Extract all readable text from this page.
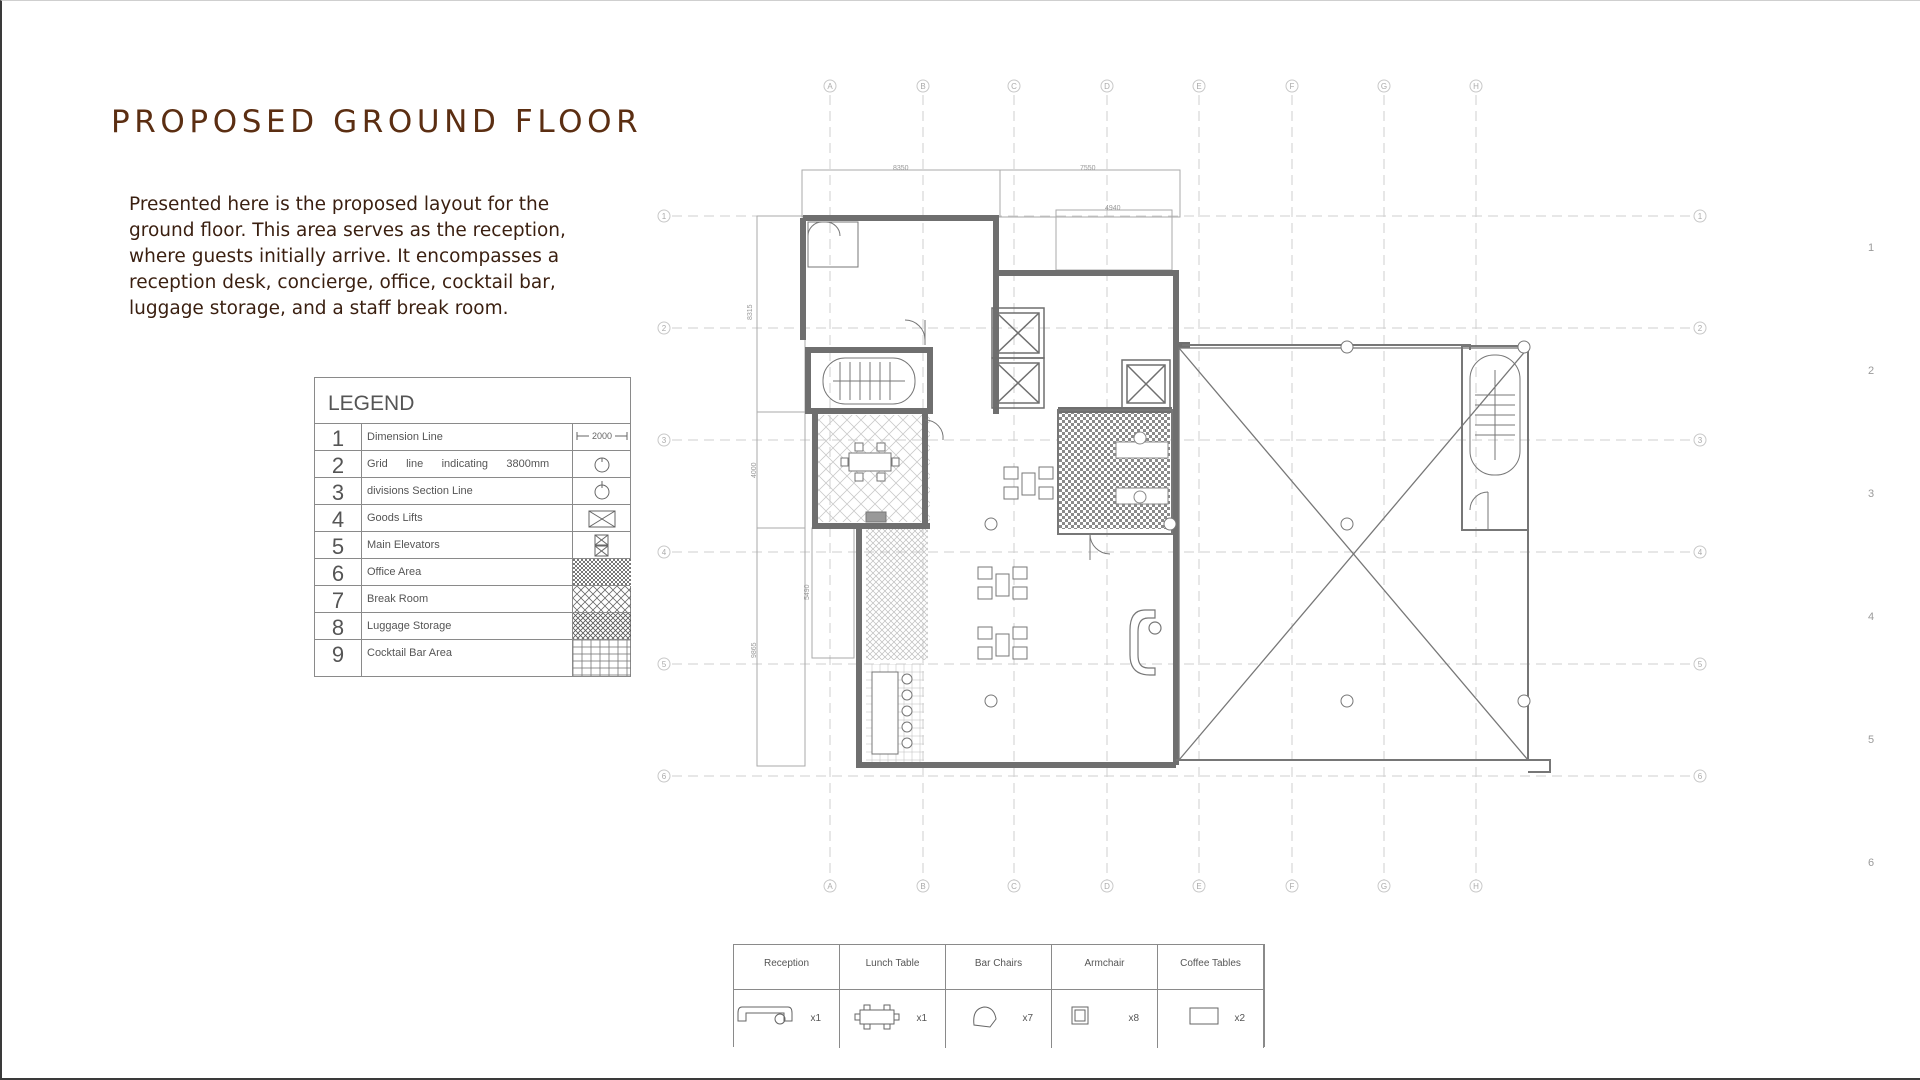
PROPOSED GROUND FLOOR

Presented here is the proposed layout for the ground floor. This area serves as the reception, where guests initially arrive. It encompasses a reception desk, concierge, office, cocktail bar, luggage storage, and a staff break room.

LEGEND
1	Dimension Line	2000
2	Grid      line      indicating      3800mm
3	divisions Section Line
4	Goods Lifts
5	Main Elevators
6	Office Area
7	Break Room
8	Luggage Storage
9	Cocktail Bar Area
A	B	C	D	E	F	G	H
A	B	C	D	E	F	G	H
1
2
3
4
5
6
1
2
3
4
5
6
1
2
3
4
5
6
8350	7550
4940
8315
4000
5490
9865
Reception
x1
Lunch Table
x1
Bar Chairs
x7
Armchair
x8
Coffee Tables
x2
